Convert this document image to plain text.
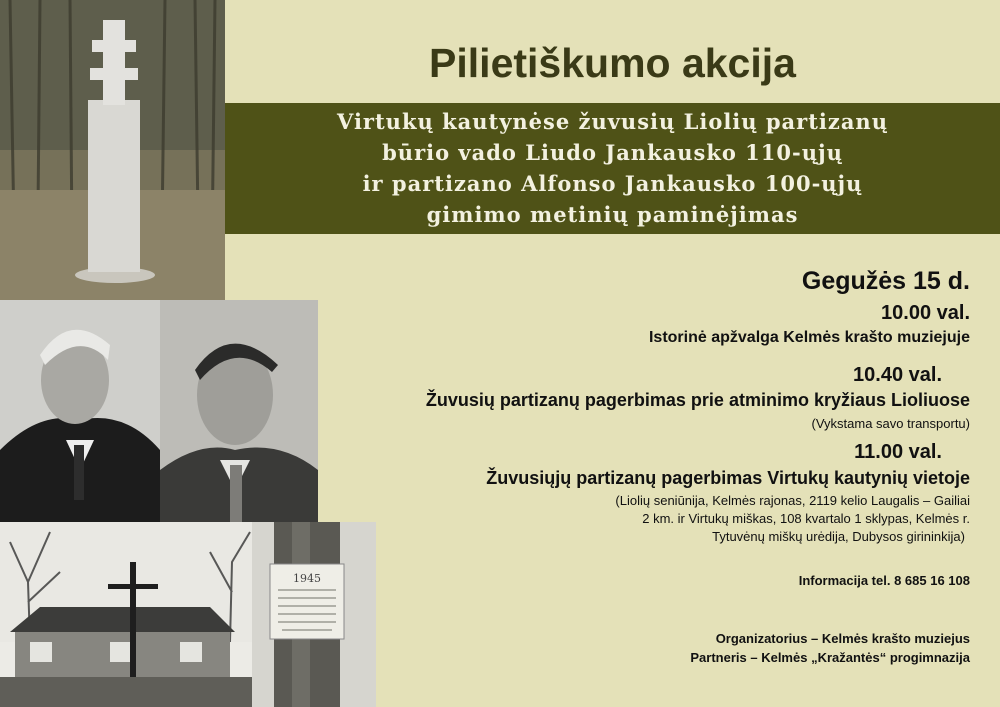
1945
Pilietiškumo akcija
Virtukų kautynėse žuvusių Liolių partizanų
būrio vado Liudo Jankausko 110-ųjų
ir partizano Alfonso Jankausko 100-ųjų
gimimo metinių paminėjimas
Gegužės 15 d.
10.00 val.
Istorinė apžvalga Kelmės krašto muziejuje
10.40 val.
Žuvusių partizanų pagerbimas prie atminimo kryžiaus Lioliuose
(Vykstama savo transportu)
11.00 val.
Žuvusiųjų partizanų pagerbimas Virtukų kautynių vietoje
(Liolių seniūnija, Kelmės rajonas, 2119 kelio Laugalis – Gailiai
2 km. ir Virtukų miškas, 108 kvartalo 1 sklypas, Kelmės r.
Tytuvėnų miškų urėdija, Dubysos girininkija)
Informacija tel. 8 685 16 108
Organizatorius – Kelmės krašto muziejus
Partneris – Kelmės „Kražantės“ progimnazija
